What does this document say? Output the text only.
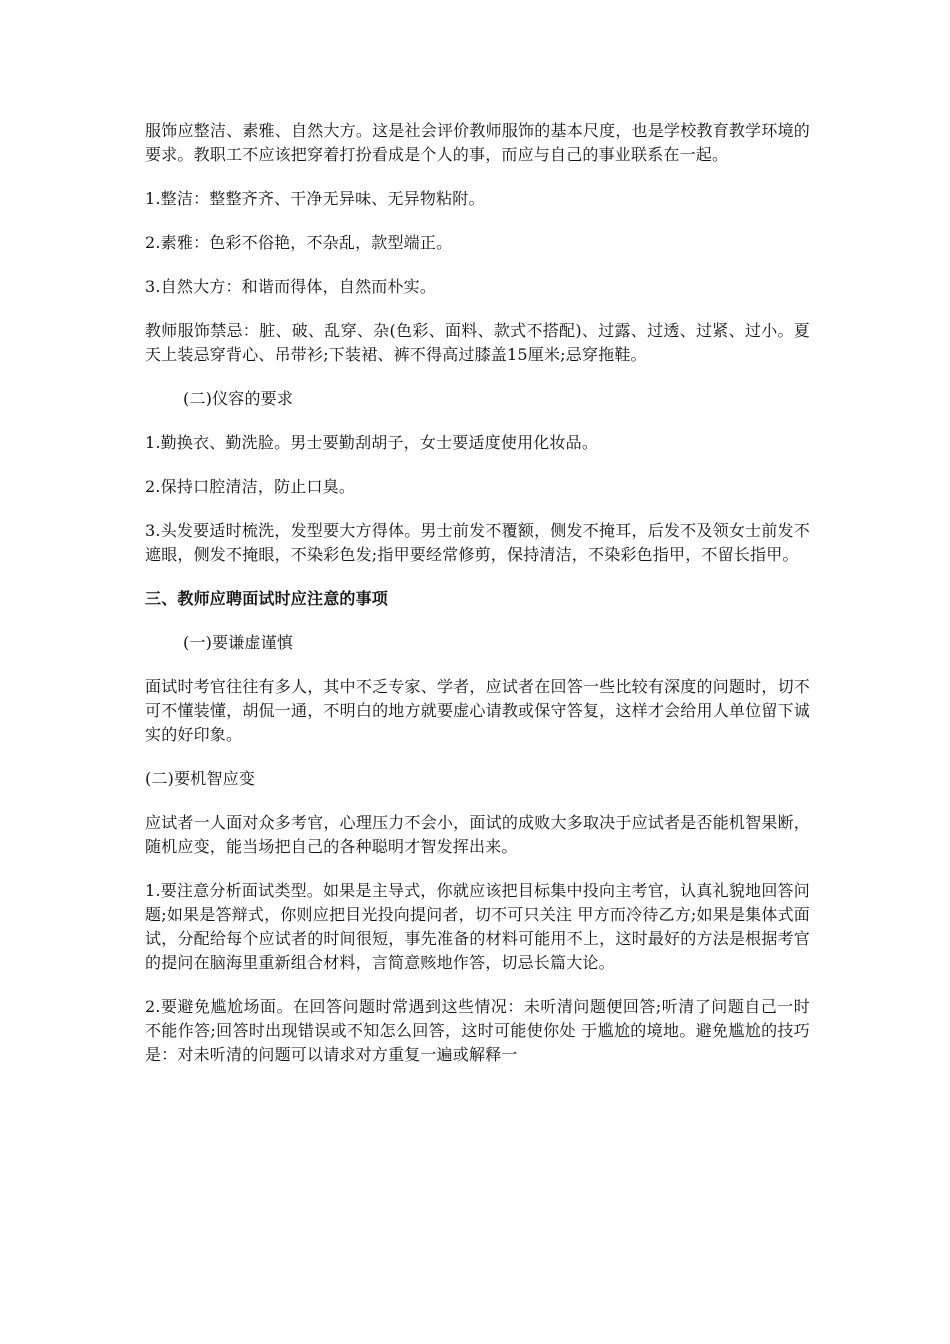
服饰应整洁、素雅、自然大方。这是社会评价教师服饰的基本尺度，也是学校教育教学环境的要求。教职工不应该把穿着打扮看成是个人的事，而应与自己的事业联系在一起。

1.整洁：整整齐齐、干净无异味、无异物粘附。

2.素雅：色彩不俗艳，不杂乱，款型端正。

3.自然大方：和谐而得体，自然而朴实。

教师服饰禁忌：脏、破、乱穿、杂(色彩、面料、款式不搭配)、过露、过透、过紧、过小。夏天上装忌穿背心、吊带衫;下装裙、裤不得高过膝盖15厘米;忌穿拖鞋。

(二)仪容的要求

1.勤换衣、勤洗脸。男士要勤刮胡子，女士要适度使用化妆品。

2.保持口腔清洁，防止口臭。

3.头发要适时梳洗，发型要大方得体。男士前发不覆额，侧发不掩耳，后发不及领女士前发不遮眼，侧发不掩眼，不染彩色发;指甲要经常修剪，保持清洁，不染彩色指甲，不留长指甲。

三、教师应聘面试时应注意的事项

(一)要谦虚谨慎

面试时考官往往有多人，其中不乏专家、学者，应试者在回答一些比较有深度的问题时，切不可不懂装懂，胡侃一通，不明白的地方就要虚心请教或保守答复，这样才会给用人单位留下诚实的好印象。

(二)要机智应变

应试者一人面对众多考官，心理压力不会小，面试的成败大多取决于应试者是否能机智果断，随机应变，能当场把自己的各种聪明才智发挥出来。

1.要注意分析面试类型。如果是主导式，你就应该把目标集中投向主考官，认真礼貌地回答问题;如果是答辩式，你则应把目光投向提问者，切不可只关注 甲方而冷待乙方;如果是集体式面试，分配给每个应试者的时间很短，事先准备的材料可能用不上，这时最好的方法是根据考官的提问在脑海里重新组合材料，言简意赅地作答，切忌长篇大论。

2.要避免尴尬场面。在回答问题时常遇到这些情况：未听清问题便回答;听清了问题自己一时不能作答;回答时出现错误或不知怎么回答，这时可能使你处 于尴尬的境地。避免尴尬的技巧是：对未听清的问题可以请求对方重复一遍或解释一
